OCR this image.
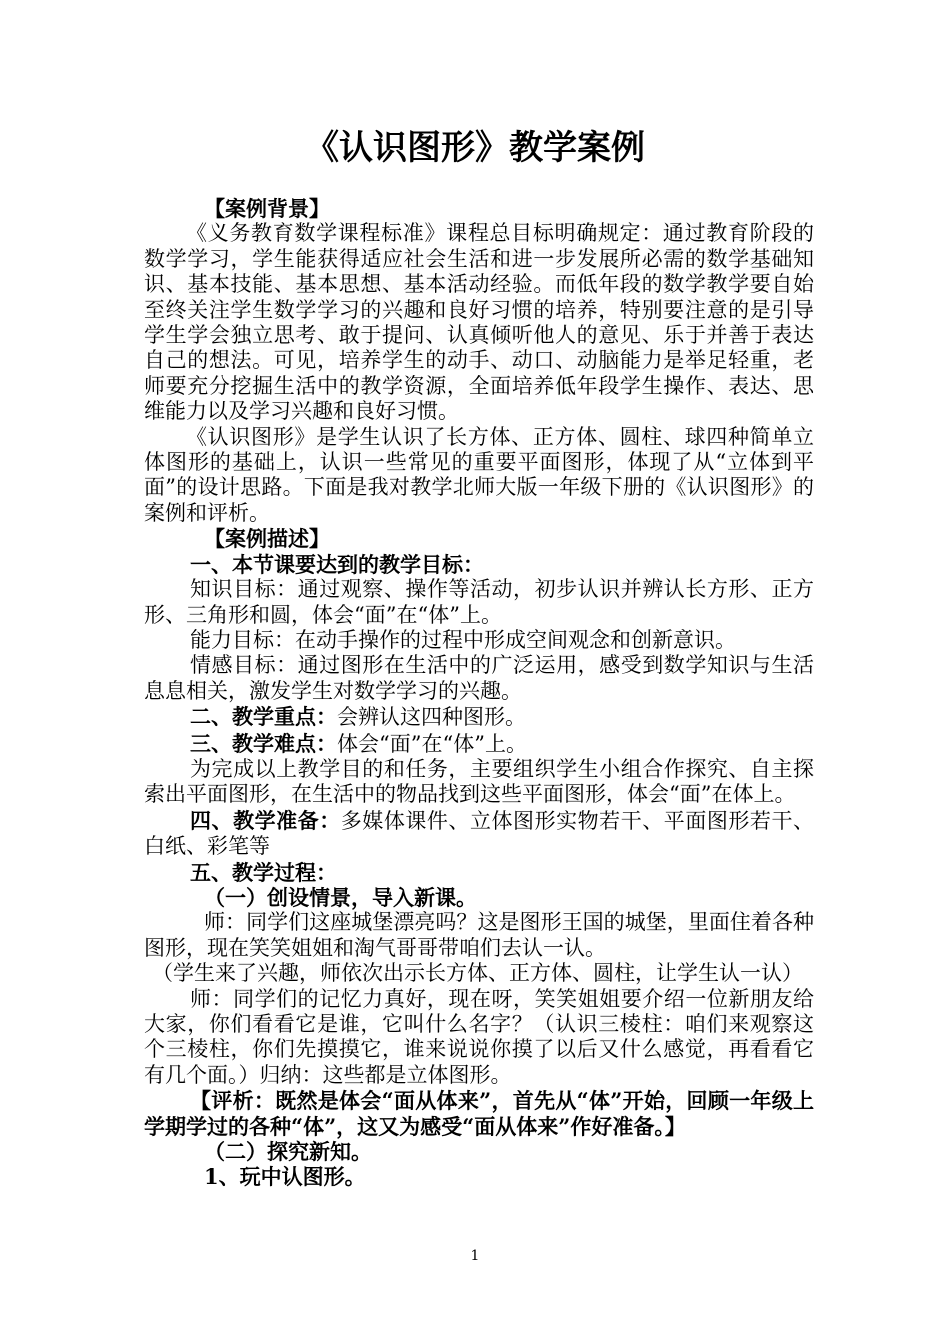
《认识图形》教学案例

【案例背景】

《义务教育数学课程标准》课程总目标明确规定：通过教育阶段的数学学习，学生能获得适应社会生活和进一步发展所必需的数学基础知识、基本技能、基本思想、基本活动经验。而低年段的数学教学要自始至终关注学生数学学习的兴趣和良好习惯的培养，特别要注意的是引导学生学会独立思考、敢于提问、认真倾听他人的意见、乐于并善于表达自己的想法。可见，培养学生的动手、动口、动脑能力是举足轻重，老师要充分挖掘生活中的教学资源，全面培养低年段学生操作、表达、思维能力以及学习兴趣和良好习惯。

《认识图形》是学生认识了长方体、正方体、圆柱、球四种简单立体图形的基础上，认识一些常见的重要平面图形，体现了从“立体到平面”的设计思路。下面是我对教学北师大版一年级下册的《认识图形》的案例和评析。

【案例描述】

一、本节课要达到的教学目标：

知识目标：通过观察、操作等活动，初步认识并辨认长方形、正方形、三角形和圆，体会“面”在“体”上。

能力目标：在动手操作的过程中形成空间观念和创新意识。

情感目标：通过图形在生活中的广泛运用，感受到数学知识与生活息息相关，激发学生对数学学习的兴趣。

二、教学重点：会辨认这四种图形。

三、教学难点：体会“面”在“体”上。

为完成以上教学目的和任务，主要组织学生小组合作探究、自主探索出平面图形，在生活中的物品找到这些平面图形，体会“面”在体上。

四、教学准备：多媒体课件、立体图形实物若干、平面图形若干、白纸、彩笔等

五、教学过程：

（一）创设情景，导入新课。

师：同学们这座城堡漂亮吗？这是图形王国的城堡，里面住着各种图形，现在笑笑姐姐和淘气哥哥带咱们去认一认。

（学生来了兴趣，师依次出示长方体、正方体、圆柱，让学生认一认）

师：同学们的记忆力真好，现在呀，笑笑姐姐要介绍一位新朋友给大家，你们看看它是谁，它叫什么名字？（认识三棱柱：咱们来观察这个三棱柱，你们先摸摸它，谁来说说你摸了以后又什么感觉，再看看它有几个面。）归纳：这些都是立体图形。

【评析：既然是体会“面从体来”，首先从“体”开始，回顾一年级上学期学过的各种“体”，这又为感受“面从体来”作好准备。】

（二）探究新知。

1、玩中认图形。

1
